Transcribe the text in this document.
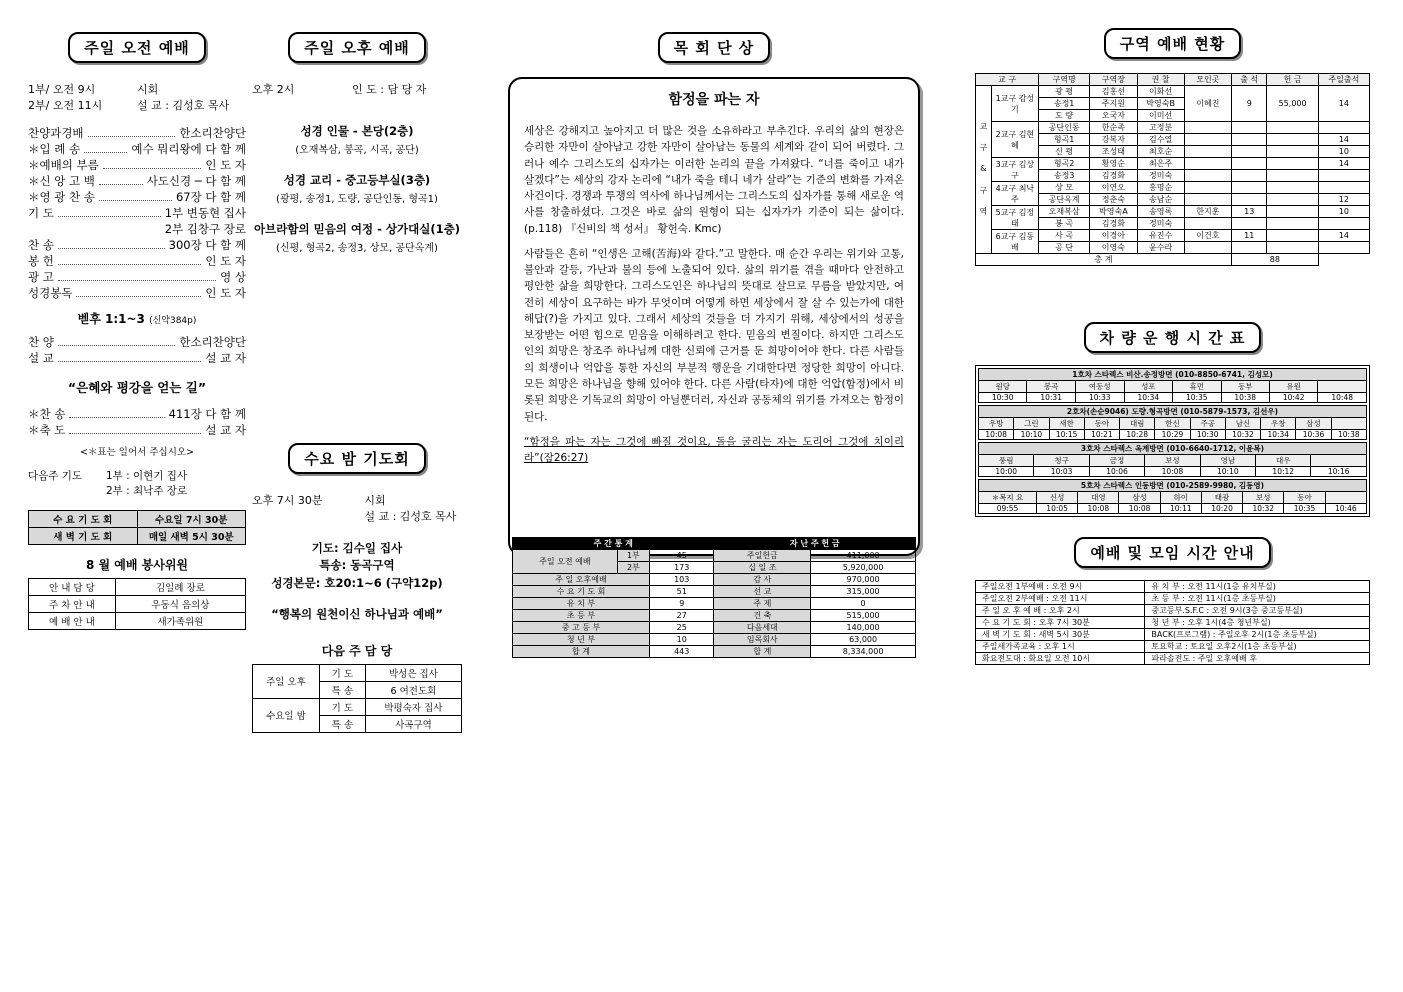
주일 오전 예배
1부/ 오전 9시
2부/ 오전 11시
시회
설 교 : 김성호 목사
찬양과경배	한소리찬양단
＊입 례 송	예수 뭐리왕에 다 함 께
＊예배의 부름	인 도 자
＊신 앙 고 백	사도신경 ─ 다 함 께
＊영 광 찬 송	67장 다 함 께
기 도	1부 변동현 집사
2부 김창구 장로
찬 송	300장 다 함 께
봉 헌	인 도 자
광 고	영 상
성경봉독	인 도 자
벧후 1:1~3 (신약384p)
찬 양	한소리찬양단
설 교	설 교 자
“은혜와 평강을 얻는 길”
＊찬 송	411장 다 함 께
＊축 도	설 교 자
<＊표는 일어서 주십시오>
다음주 기도	1부 : 이현기 집사
2부 : 최낙주 장로
수 요 기 도 회	수요일 7시 30분
새 벽 기 도 회	매일 새벽 5시 30분
8 월 예배 봉사위원
안 내 담 당	김일례 장로
주 차 안 내	우동식 음의상
예 배 안 내	새가족위원
주일 오후 예배
오후 2시	인 도 : 담 당 자
성경 인물 - 본당(2층)
(오재복삼, 봉곡, 시곡, 공단)
성경 교리 - 중고등부실(3층)
(광평, 송정1, 도량, 공단인동, 형곡1)
아브라함의 믿음의 여정 - 상가대실(1층)
(신평, 형곡2, 송정3, 상모, 공단옥계)
수요 밤 기도회
오후 7시 30분	시회
설 교 : 김성호 목사
기도: 김수일 집사
특송: 동곡구역
성경본문: 호20:1~6 (구약12p)
“행복의 원천이신 하나님과 예배”
다음 주 담 당
주일 오후	기 도	박성은 집사
	특 송	6 여전도회
수요일 밤	기 도	박평숙자 집사
	특 송	사곡구역
목 회 단 상
함정을 파는 자

세상은 강해지고 높아지고 더 많은 것을 소유하라고 부추긴다. 우리의 삶의 현장은 승리한 자만이 살아남고 강한 자만이 살아남는 동물의 세계와 같이 되어 버렸다. 그러나 예수 그리스도의 십자가는 이러한 논리의 끝을 가져왔다. “너를 죽이고 내가 살겠다”는 세상의 강자 논리에 “내가 죽을 테니 네가 살라”는 기준의 변화를 가져온 사건이다. 경쟁과 투쟁의 역사에 하나님께서는 그리스도의 십자가를 통해 새로운 역사를 창출하셨다. 그것은 바로 삶의 원형이 되는 십자가가 기준이 되는 삶이다.(p.118) 『신비의 책 성서』 황헌숙. Kmc)

사람들은 흔히 “인생은 고해(苦海)와 같다.”고 말한다. 매 순간 우리는 위기와 고통, 불안과 갈등, 가난과 불의 등에 노출되어 있다. 삶의 위기를 겪을 때마다 안전하고 평안한 삶을 희망한다. 그리스도인은 하나님의 뜻대로 살므로 무름을 받았지만, 여전히 세상이 요구하는 바가 무엇이며 어떻게 하면 세상에서 잘 살 수 있는가에 대한 해답(?)을 가지고 있다. 그래서 세상의 것들을 더 가지기 위해, 세상에서의 성공을 보장받는 어떤 힘으로 믿음을 이해하려고 한다. 믿음의 변질이다. 하지만 그리스도인의 희망은 창조주 하나님께 대한 신뢰에 근거를 둔 희망이어야 한다. 다른 사람들의 희생이나 억압을 통한 자신의 부분적 행운을 기대한다면 정당한 희망이 아니다. 모든 희망은 하나님을 향해 있어야 한다. 다른 사람(타자)에 대한 억압(함정)에서 비롯된 희망은 기독교의 희망이 아닐뿐더러, 자신과 공동체의 위기를 가져오는 함정이 된다.

“함정을 파는 자는 그것에 빠질 것이요, 돌을 굴리는 자는 도리어 그것에 치이리라”(잠26:27)

주 간 통 계			자 난 주 헌 금	
주일 오전 예배	1부	45	주일헌금	411,000
	2부	173	십 일 조	5,920,000
주 일 오후예배		103	감 사	970,000
수 요 기 도 회		51	선 교	315,000
유 치 부		9	주 제	0
초 등 부		27	건 축	515,000
중 고 등 부		25	다음세대	140,000
청 년 부		10	임목회사	63,000
합 계		443	합 계	8,334,000
구역 예배 현황
교 구		구역명	구역장	권 찰	모인곳	출 석	헌 금	주일출석
교 구 & 구 역	1교구 감성기	광 평	김홍선	이화선	이혜진	9	55,000	14
		송정1	주지원	박영숙B				
		도 량	오국자	이미선				
	2교구 김현혜	공단인동	한순족	고정분				
		형곡1	강복자	김수열				14
		신 평	조성태	최호순				10
	3교구 김상구	형곡2	황영순	최은주				14
		송정3	김경화	정미숙				
	4교구 최낙주	상 모	이연오	홍명순				
		공단옥계	정춘숙	송남순				12
	5교구 김정태	오재복삼	박영숙A	송영록	한지훈	13		10
		봉 곡	김경화	정미숙				
	6교구 김동배	사 곡	이경아	유진수	이건호	11		14
		공 단	이영숙	윤수라				
총 계						88		
차 량 운 행 시 간 표
1호차 스타렉스 비산.송정방면 (010-8850-6741, 김성모)							
원당	봉곡	여동성	성포	휴먼	동부	유원	
10:30	10:31	10:33	10:34	10:35	10:38	10:42	10:48
2호차(손순9046) 도량.형곡방면 (010-5879-1573, 김선우)										
우방	그린	새한	동아	대림	한신	주공	남신	우창	삼성	
10:08	10:10	10:15	10:21	10:28	10:29	10:30	10:32	10:34	10:36	10:38
3호차 스타렉스 옥계방면 (010-6640-1712, 이윤복)						
풍림	청구	금정	보성	영남	대우	
10:00	10:03	10:06	10:08	10:10	10:12	10:16
5호차 스타렉스 인동방면 (010-2589-9980, 김동영)								
＊복지 요	신성	대영	삼성	하이	태광	보성	동아	
09:55	10:05	10:08	10:08	10:11	10:20	10:32	10:35	10:46
예배 및 모임 시간 안내
주일오전 1부예배 : 오전 9시	유 치 부 : 오전 11시(1층 유치부실)
주일오전 2부예배 : 오전 11시	초 등 부 : 오전 11시(1층 초등부실)
주 일 오 후 예 배 : 오후 2시	중고등부.S.F.C : 오전 9시(3층 중고등부실)
수 요 기 도 회 : 오후 7시 30분	청 년 부 : 오후 1시(4층 청년부실)
새 벽 기 도 회 : 새벽 5시 30분	BACK(프로그램) : 주일오후 2시(1층 초등부실)
주일새가족교육 : 오후 1시	토요학교 : 토요일 오후2시(1층 초등부실)
화요전도대 : 화요일 오전 10시	파라솔전도 : 주일 오후예배 후
